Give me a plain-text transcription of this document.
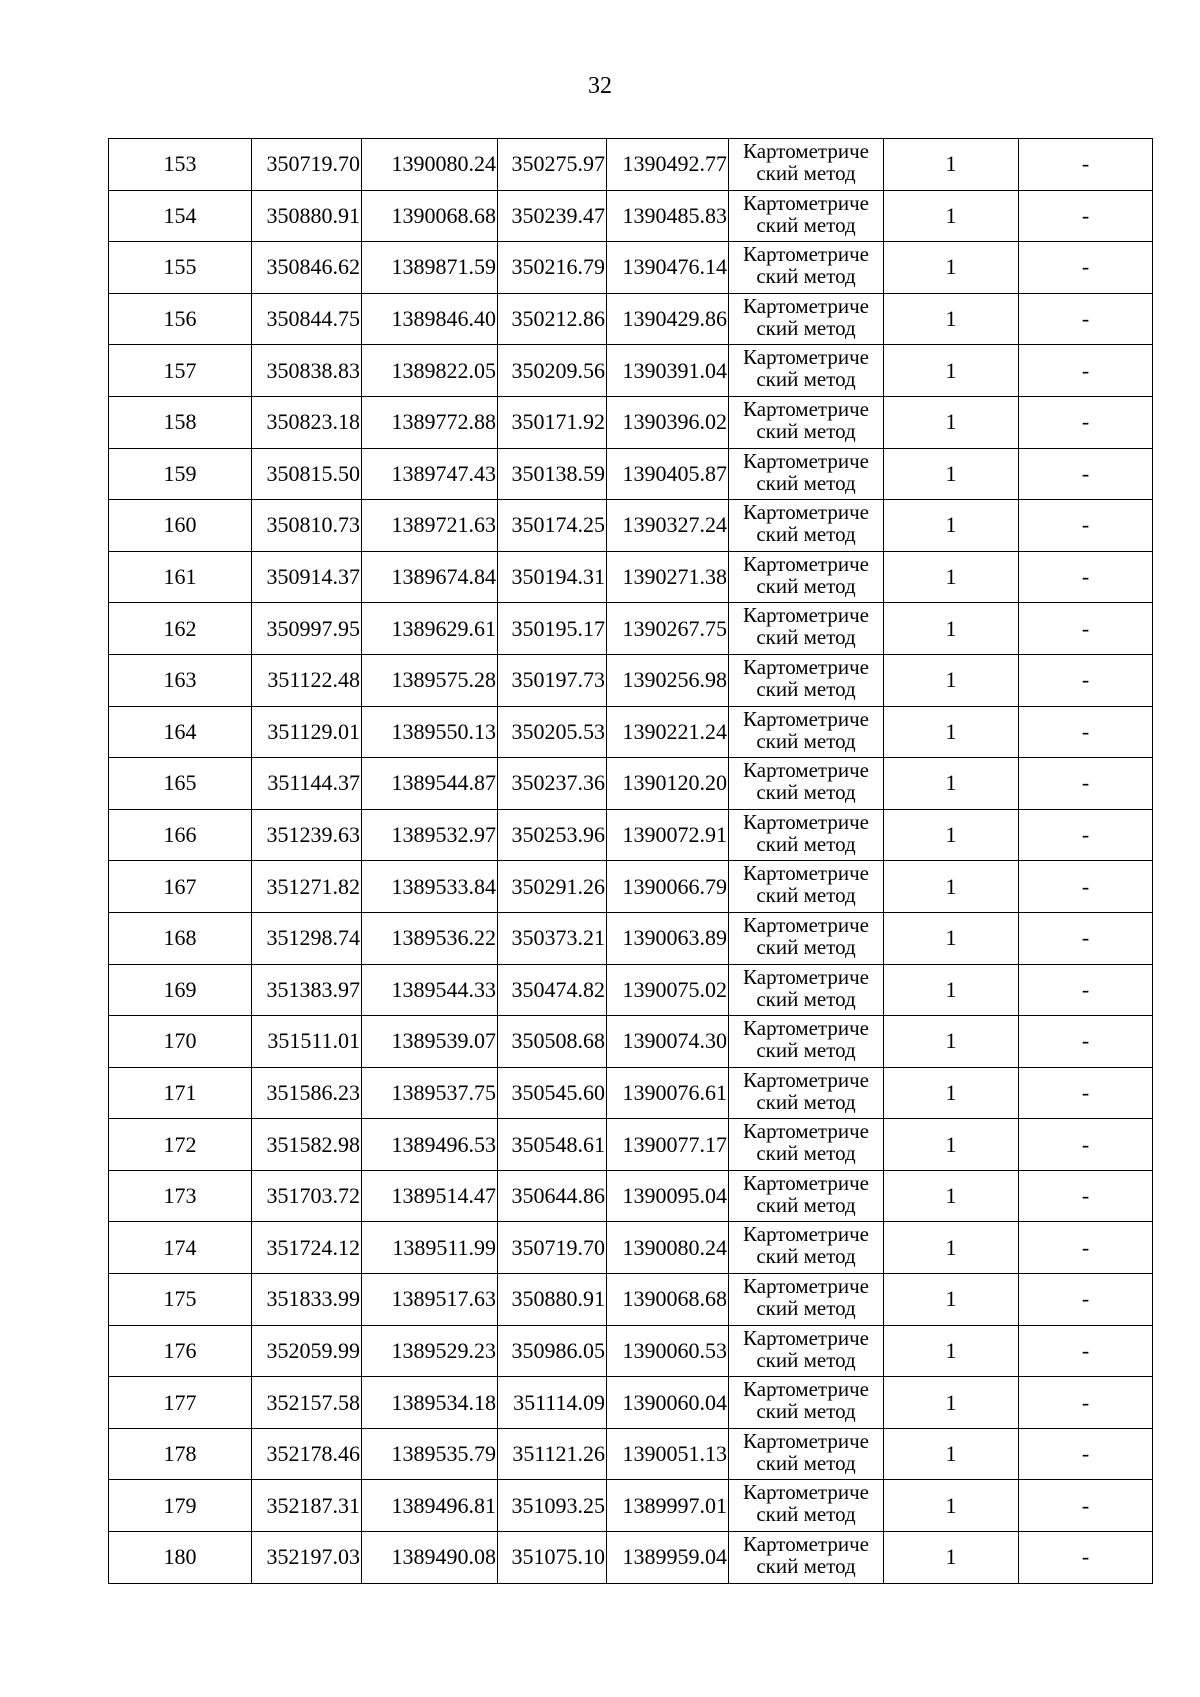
32
153	350719.70	1390080.24	350275.97	1390492.77	Картометриче
ский метод	1	-
154	350880.91	1390068.68	350239.47	1390485.83	Картометриче
ский метод	1	-
155	350846.62	1389871.59	350216.79	1390476.14	Картометриче
ский метод	1	-
156	350844.75	1389846.40	350212.86	1390429.86	Картометриче
ский метод	1	-
157	350838.83	1389822.05	350209.56	1390391.04	Картометриче
ский метод	1	-
158	350823.18	1389772.88	350171.92	1390396.02	Картометриче
ский метод	1	-
159	350815.50	1389747.43	350138.59	1390405.87	Картометриче
ский метод	1	-
160	350810.73	1389721.63	350174.25	1390327.24	Картометриче
ский метод	1	-
161	350914.37	1389674.84	350194.31	1390271.38	Картометриче
ский метод	1	-
162	350997.95	1389629.61	350195.17	1390267.75	Картометриче
ский метод	1	-
163	351122.48	1389575.28	350197.73	1390256.98	Картометриче
ский метод	1	-
164	351129.01	1389550.13	350205.53	1390221.24	Картометриче
ский метод	1	-
165	351144.37	1389544.87	350237.36	1390120.20	Картометриче
ский метод	1	-
166	351239.63	1389532.97	350253.96	1390072.91	Картометриче
ский метод	1	-
167	351271.82	1389533.84	350291.26	1390066.79	Картометриче
ский метод	1	-
168	351298.74	1389536.22	350373.21	1390063.89	Картометриче
ский метод	1	-
169	351383.97	1389544.33	350474.82	1390075.02	Картометриче
ский метод	1	-
170	351511.01	1389539.07	350508.68	1390074.30	Картометриче
ский метод	1	-
171	351586.23	1389537.75	350545.60	1390076.61	Картометриче
ский метод	1	-
172	351582.98	1389496.53	350548.61	1390077.17	Картометриче
ский метод	1	-
173	351703.72	1389514.47	350644.86	1390095.04	Картометриче
ский метод	1	-
174	351724.12	1389511.99	350719.70	1390080.24	Картометриче
ский метод	1	-
175	351833.99	1389517.63	350880.91	1390068.68	Картометриче
ский метод	1	-
176	352059.99	1389529.23	350986.05	1390060.53	Картометриче
ский метод	1	-
177	352157.58	1389534.18	351114.09	1390060.04	Картометриче
ский метод	1	-
178	352178.46	1389535.79	351121.26	1390051.13	Картометриче
ский метод	1	-
179	352187.31	1389496.81	351093.25	1389997.01	Картометриче
ский метод	1	-
180	352197.03	1389490.08	351075.10	1389959.04	Картометриче
ский метод	1	-
